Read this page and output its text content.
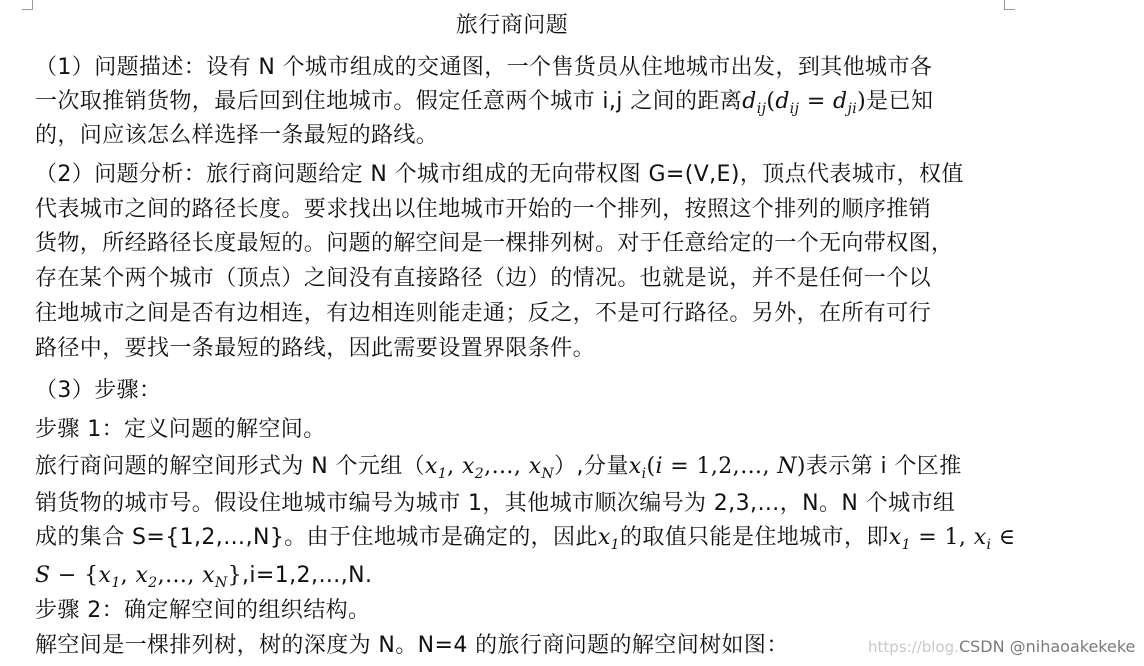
旅行商问题
（1）问题描述：设有 N 个城市组成的交通图，一个售货员从住地城市出发，到其他城市各
一次取推销货物，最后回到住地城市。假定任意两个城市 i,j 之间的距离$d_{ij}(d_{ij} = d_{ji})$是已知
的，问应该怎么样选择一条最短的路线。
（2）问题分析：旅行商问题给定 N 个城市组成的无向带权图 G=(V,E)，顶点代表城市，权值
代表城市之间的路径长度。要求找出以住地城市开始的一个排列，按照这个排列的顺序推销
货物，所经路径长度最短的。问题的解空间是一棵排列树。对于任意给定的一个无向带权图，
存在某个两个城市（顶点）之间没有直接路径（边）的情况。也就是说，并不是任何一个以
往地城市之间是否有边相连，有边相连则能走通；反之，不是可行路径。另外，在所有可行
路径中，要找一条最短的路线，因此需要设置界限条件。
（3）步骤：
步骤 1：定义问题的解空间。
旅行商问题的解空间形式为 N 个元组（$x_1$, $x_2,\dots$, $x_N$）,分量$x_i(i$ = 1,2,…, N)表示第 i 个区推
销货物的城市号。假设住地城市编号为城市 1，其他城市顺次编号为 2,3,…，N。N 个城市组
成的集合 S={1,2,…,N}。由于住地城市是确定的，因此$x_1$的取值只能是住地城市，即$x_1 = 1$, $x_i$ ∈
$S - \{x_1$, $x_2,\dots$, $x_N\},i=1,2,\dots,N$.
步骤 2：确定解空间的组织结构。
解空间是一棵排列树，树的深度为 N。N=4 的旅行商问题的解空间树如图：	https://blog.CSDN @nihaoakekeke
